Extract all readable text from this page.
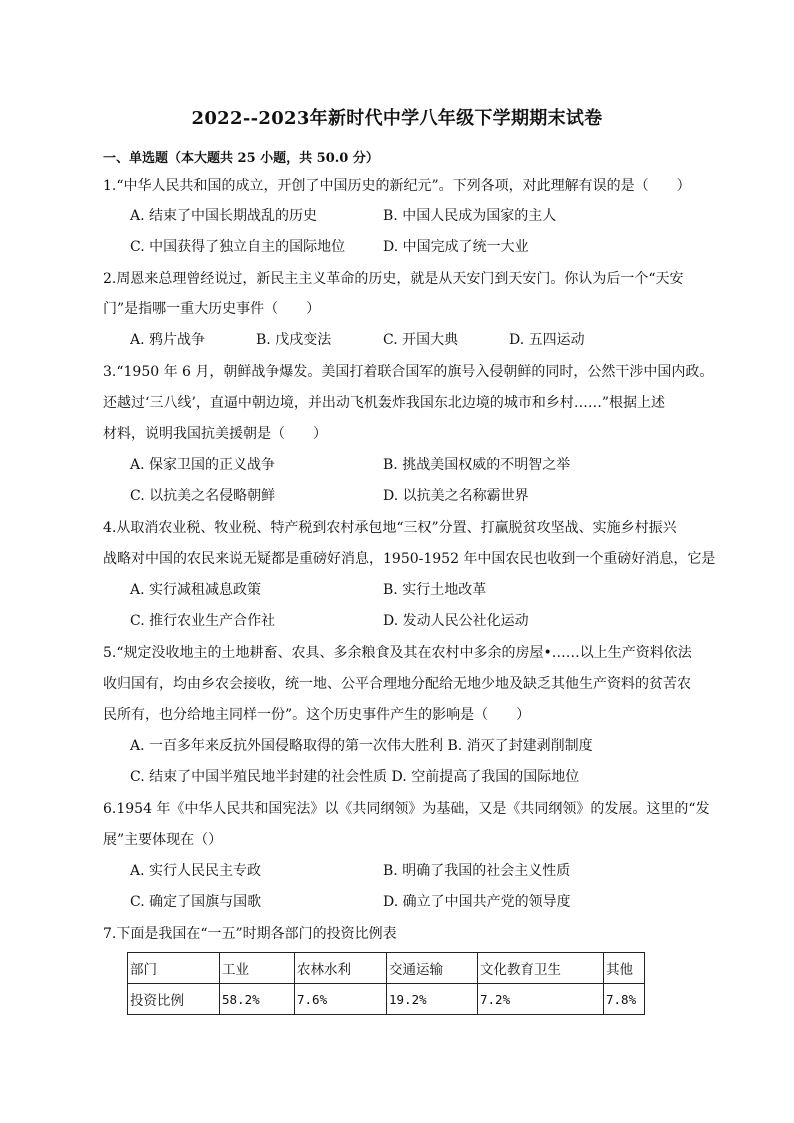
2022--2023年新时代中学八年级下学期期末试卷
一、单选题（本大题共 25 小题，共 50.0 分）
1.“中华人民共和国的成立，开创了中国历史的新纪元”。下列各项，对此理解有误的是（　　）
A. 结束了中国长期战乱的历史	B. 中国人民成为国家的主人
C. 中国获得了独立自主的国际地位	D. 中国完成了统一大业
2.周恩来总理曾经说过，新民主主义革命的历史，就是从天安门到天安门。你认为后一个“天安
门”是指哪一重大历史事件（　　）
A. 鸦片战争	B. 戊戌变法	C. 开国大典	D. 五四运动
3.“1950 年 6 月，朝鲜战争爆发。美国打着联合国军的旗号入侵朝鲜的同时，公然干涉中国内政。
还越过‘三八线’，直逼中朝边境，并出动飞机轰炸我国东北边境的城市和乡村……”根据上述
材料，说明我国抗美援朝是（　　）
A. 保家卫国的正义战争	B. 挑战美国权威的不明智之举
C. 以抗美之名侵略朝鲜	D. 以抗美之名称霸世界
4.从取消农业税、牧业税、特产税到农村承包地“三权”分置、打赢脱贫攻坚战、实施乡村振兴
战略对中国的农民来说无疑都是重磅好消息，1950-1952 年中国农民也收到一个重磅好消息，它是
A. 实行减租减息政策	B. 实行土地改革
C. 推行农业生产合作社	D. 发动人民公社化运动
5.“规定没收地主的土地耕畜、农具、多余粮食及其在农村中多余的房屋•……以上生产资料依法
收归国有，均由乡农会接收，统一地、公平合理地分配给无地少地及缺乏其他生产资料的贫苦农
民所有，也分给地主同样一份”。这个历史事件产生的影响是（　　）
A. 一百多年来反抗外国侵略取得的第一次伟大胜利 B. 消灭了封建剥削制度
C. 结束了中国半殖民地半封建的社会性质 D. 空前提高了我国的国际地位
6.1954 年《中华人民共和国宪法》以《共同纲领》为基础，又是《共同纲领》的发展。这里的“发
展”主要体现在（）
A. 实行人民民主专政	B. 明确了我国的社会主义性质
C. 确定了国旗与国歌	D. 确立了中国共产党的领导度
7.下面是我国在“一五”时期各部门的投资比例表
部门	工业	农林水利	交通运输	文化教育卫生	其他
投资比例	58.2%	7.6%	19.2%	7.2%	7.8%
